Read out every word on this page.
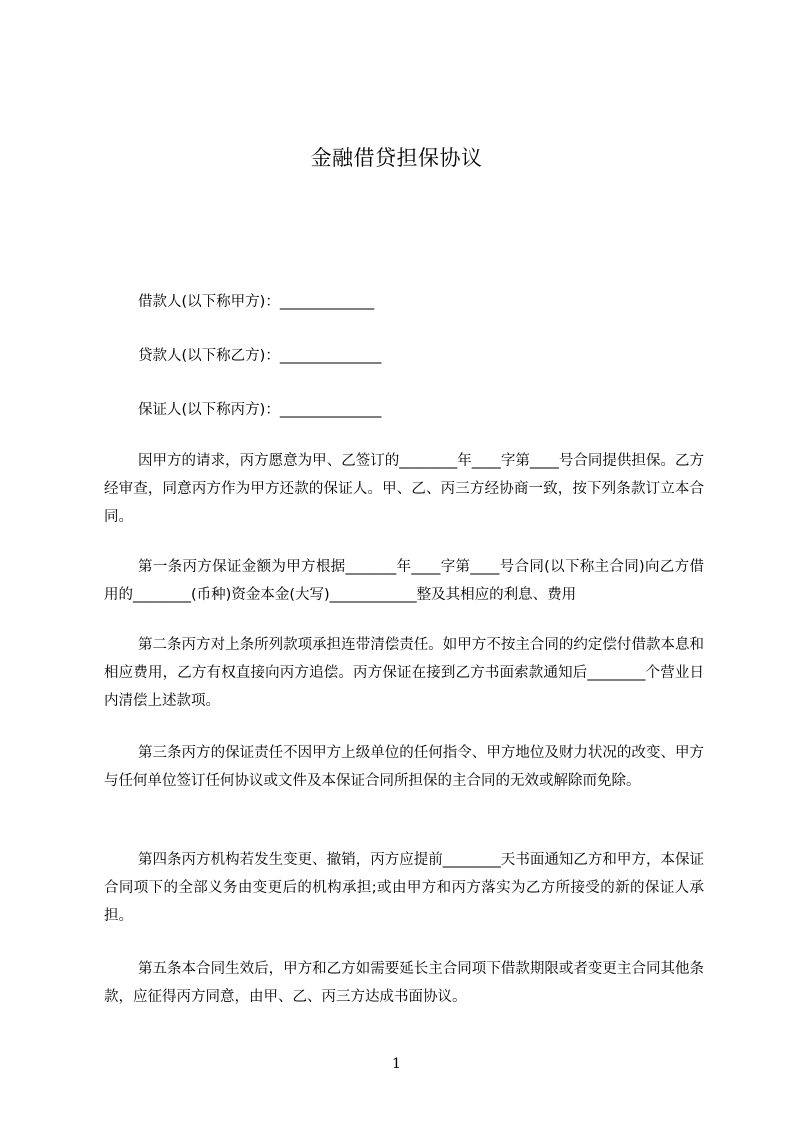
金融借贷担保协议
借款人(以下称甲方)：_____________
贷款人(以下称乙方)：______________
保证人(以下称丙方)：______________

因甲方的请求，丙方愿意为甲、乙签订的________年____字第____号合同提供担保。乙方经审查，同意丙方作为甲方还款的保证人。甲、乙、丙三方经协商一致，按下列条款订立本合同。

第一条丙方保证金额为甲方根据_______年____字第____号合同(以下称主合同)向乙方借用的________(币种)资金本金(大写)____________整及其相应的利息、费用

第二条丙方对上条所列款项承担连带清偿责任。如甲方不按主合同的约定偿付借款本息和相应费用，乙方有权直接向丙方追偿。丙方保证在接到乙方书面索款通知后________个营业日内清偿上述款项。

第三条丙方的保证责任不因甲方上级单位的任何指令、甲方地位及财力状况的改变、甲方与任何单位签订任何协议或文件及本保证合同所担保的主合同的无效或解除而免除。

第四条丙方机构若发生变更、撤销，丙方应提前________天书面通知乙方和甲方，本保证合同项下的全部义务由变更后的机构承担;或由甲方和丙方落实为乙方所接受的新的保证人承担。

第五条本合同生效后，甲方和乙方如需要延长主合同项下借款期限或者变更主合同其他条款，应征得丙方同意，由甲、乙、丙三方达成书面协议。

1
